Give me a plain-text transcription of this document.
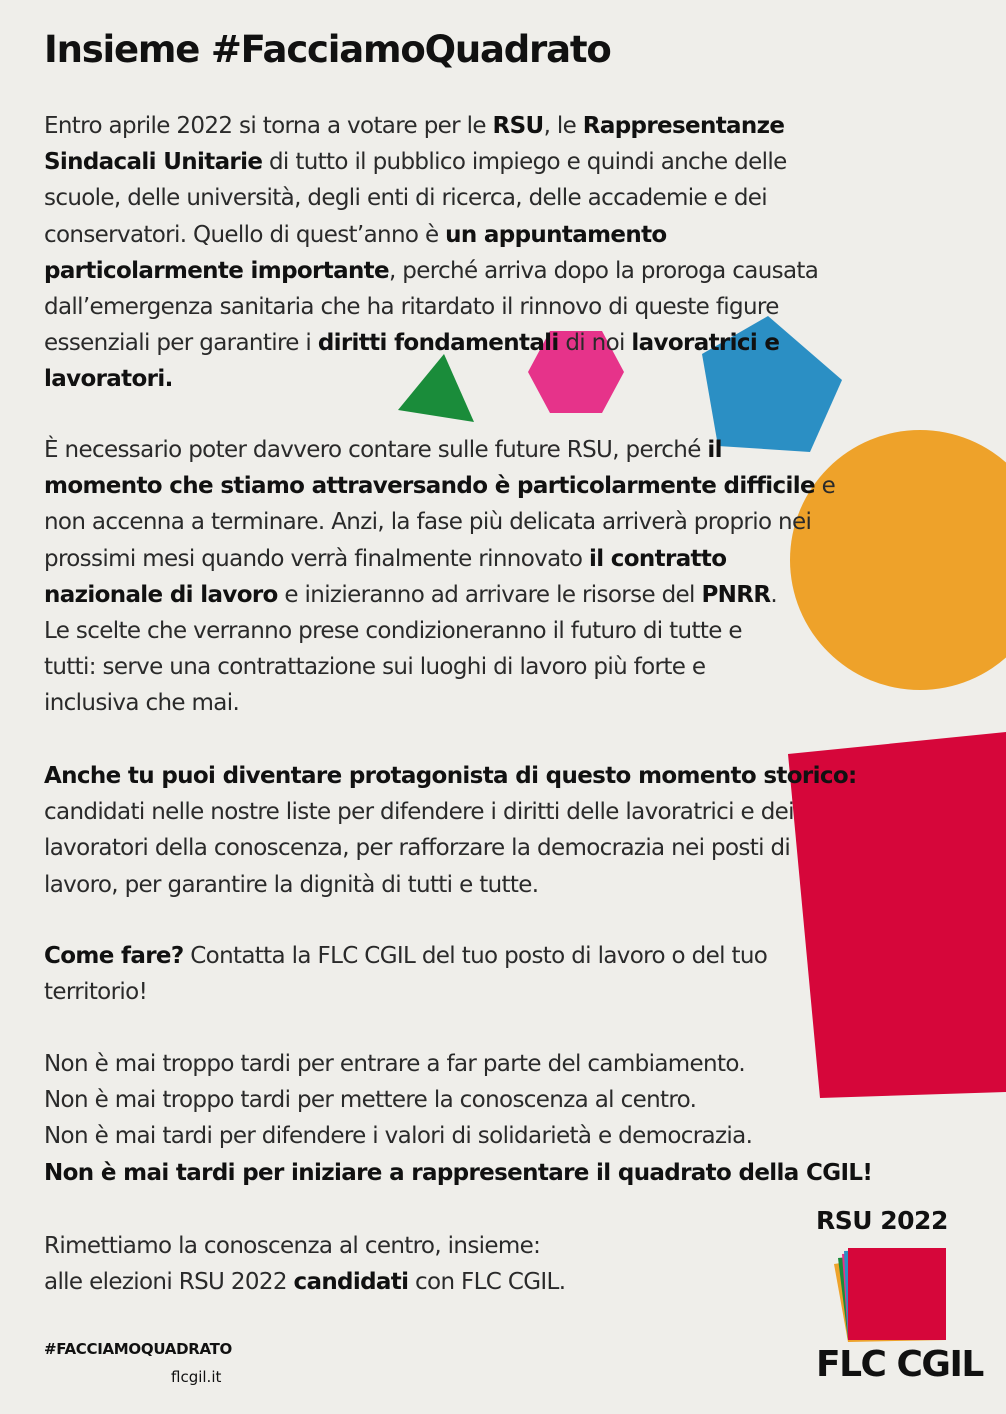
Insieme #FacciamoQuadrato
Entro aprile 2022 si torna a votare per le RSU, le Rappresentanze
Sindacali Unitarie di tutto il pubblico impiego e quindi anche delle
scuole, delle università, degli enti di ricerca, delle accademie e dei
conservatori. Quello di quest’anno è un appuntamento
particolarmente importante, perché arriva dopo la proroga causata
dall’emergenza sanitaria che ha ritardato il rinnovo di queste figure
essenziali per garantire i diritti fondamentali di noi lavoratrici e
lavoratori.
È necessario poter davvero contare sulle future RSU, perché il
momento che stiamo attraversando è particolarmente difficile e
non accenna a terminare. Anzi, la fase più delicata arriverà proprio nei
prossimi mesi quando verrà finalmente rinnovato il contratto
nazionale di lavoro e inizieranno ad arrivare le risorse del PNRR.
Le scelte che verranno prese condizioneranno il futuro di tutte e
tutti: serve una contrattazione sui luoghi di lavoro più forte e
inclusiva che mai.
Anche tu puoi diventare protagonista di questo momento storico:
candidati nelle nostre liste per difendere i diritti delle lavoratrici e dei
lavoratori della conoscenza, per rafforzare la democrazia nei posti di
lavoro, per garantire la dignità di tutti e tutte.
Come fare? Contatta la FLC CGIL del tuo posto di lavoro o del tuo
territorio!
Non è mai troppo tardi per entrare a far parte del cambiamento.
Non è mai troppo tardi per mettere la conoscenza al centro.
Non è mai tardi per difendere i valori di solidarietà e democrazia.
Non è mai tardi per iniziare a rappresentare il quadrato della CGIL!
Rimettiamo la conoscenza al centro, insieme:
alle elezioni RSU 2022 candidati con FLC CGIL.
#FACCIAMOQUADRATO
flcgil.it
RSU 2022
FLC CGIL
